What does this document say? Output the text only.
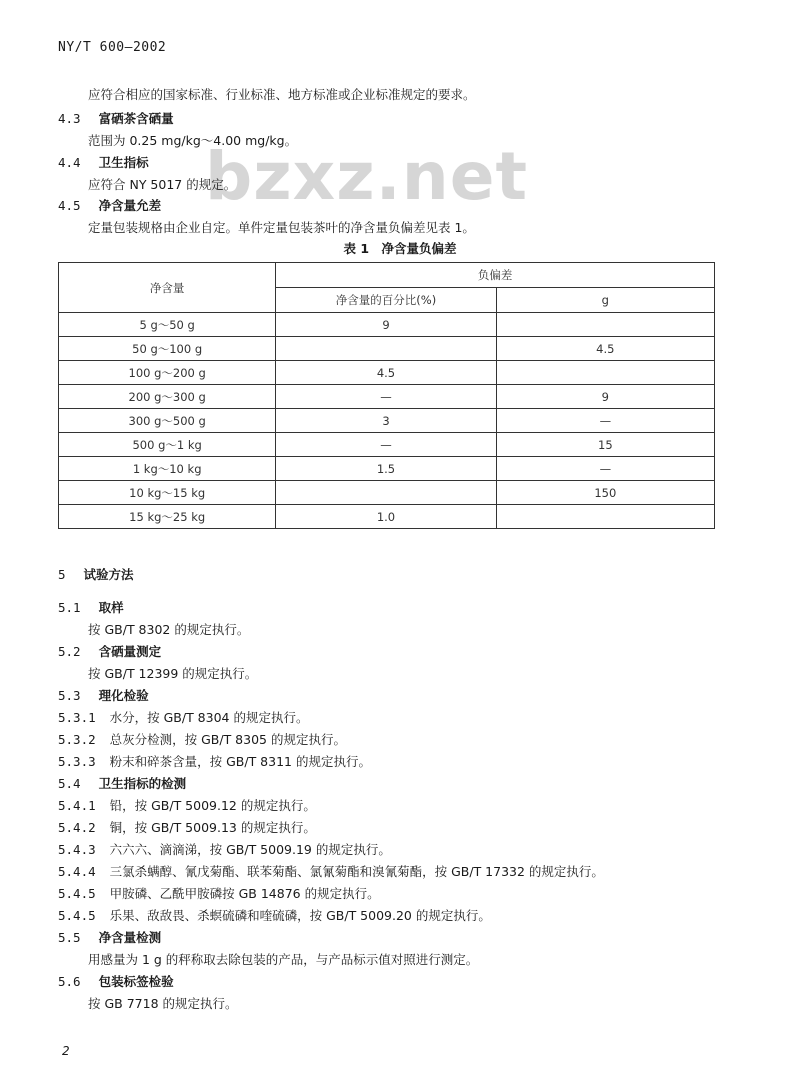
NY/T 600—2002
bzxz.net
应符合相应的国家标准、行业标准、地方标准或企业标准规定的要求。
4.3 富硒茶含硒量
范围为 0.25 mg/kg～4.00 mg/kg。
4.4 卫生指标
应符合 NY 5017 的规定。
4.5 净含量允差
定量包装规格由企业自定。单件定量包装茶叶的净含量负偏差见表 1。
表 1　净含量负偏差
净含量	负偏差	
	净含量的百分比(%)	g
5 g～50 g	9	
50 g～100 g		4.5
100 g～200 g	4.5	
200 g～300 g	—	9
300 g～500 g	3	—
500 g～1 kg	—	15
1 kg～10 kg	1.5	—
10 kg～15 kg		150
15 kg～25 kg	1.0	
5 试验方法
5.1 取样
按 GB/T 8302 的规定执行。
5.2 含硒量测定
按 GB/T 12399 的规定执行。
5.3 理化检验
5.3.1 水分，按 GB/T 8304 的规定执行。
5.3.2 总灰分检测，按 GB/T 8305 的规定执行。
5.3.3 粉末和碎茶含量，按 GB/T 8311 的规定执行。
5.4 卫生指标的检测
5.4.1 铅，按 GB/T 5009.12 的规定执行。
5.4.2 铜，按 GB/T 5009.13 的规定执行。
5.4.3 六六六、滴滴涕，按 GB/T 5009.19 的规定执行。
5.4.4 三氯杀螨醇、氰戊菊酯、联苯菊酯、氯氰菊酯和溴氰菊酯，按 GB/T 17332 的规定执行。
5.4.5 甲胺磷、乙酰甲胺磷按 GB 14876 的规定执行。
5.4.5 乐果、敌敌畏、杀螟硫磷和喹硫磷，按 GB/T 5009.20 的规定执行。
5.5 净含量检测
用感量为 1 g 的秤称取去除包装的产品，与产品标示值对照进行测定。
5.6 包装标签检验
按 GB 7718 的规定执行。
2
